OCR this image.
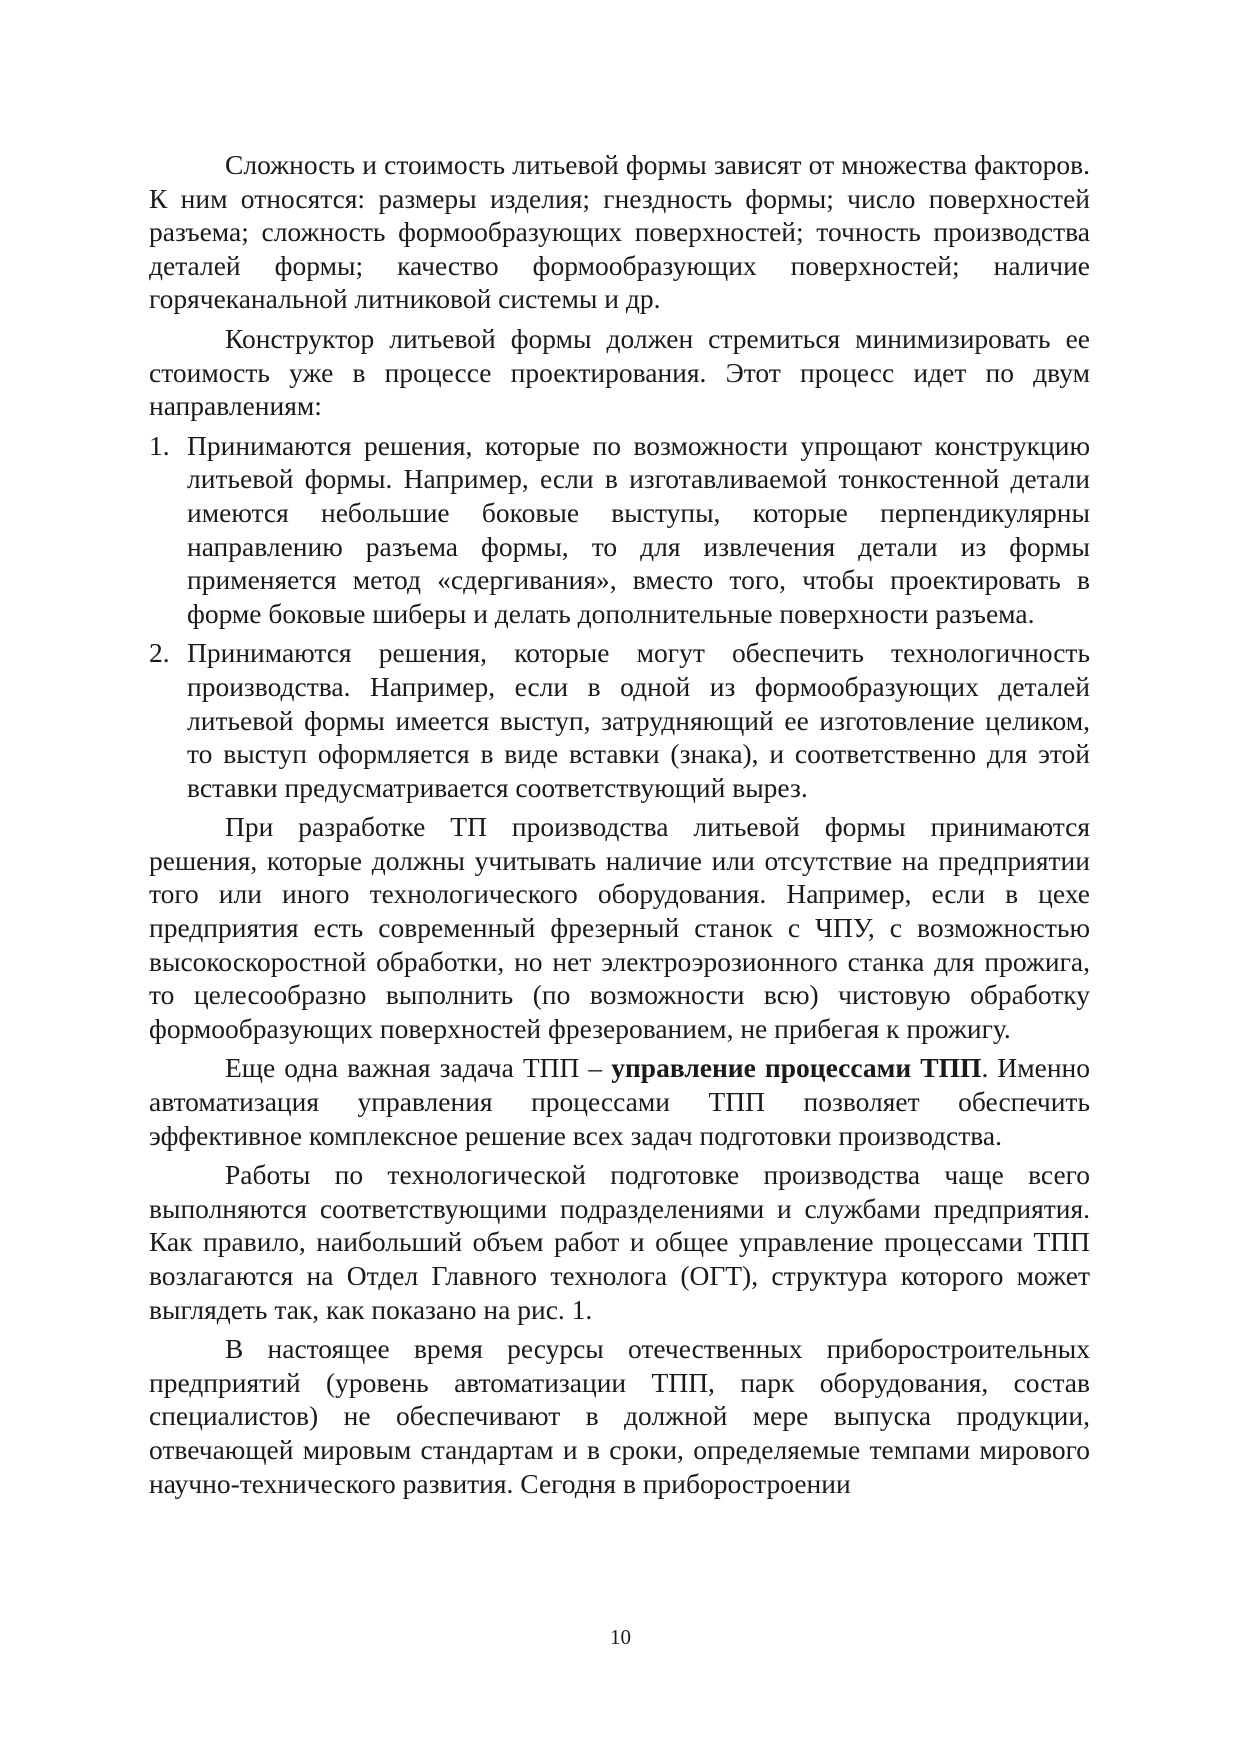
Сложность и стоимость литьевой формы зависят от множества факторов. К ним относятся: размеры изделия; гнездность формы; число поверхностей разъема; сложность формообразующих поверхностей; точность производства деталей формы; качество формообразующих поверхностей; наличие горячеканальной литниковой системы и др.

Конструктор литьевой формы должен стремиться минимизировать ее стоимость уже в процессе проектирования. Этот процесс идет по двум направлениям:

1. Принимаются решения, которые по возможности упрощают конструкцию литьевой формы. Например, если в изготавливаемой тонкостенной детали имеются небольшие боковые выступы, которые перпендикулярны направлению разъема формы, то для извлечения детали из формы применяется метод «сдергивания», вместо того, чтобы проектировать в форме боковые шиберы и делать дополнительные поверхности разъема.
2. Принимаются решения, которые могут обеспечить технологичность производства. Например, если в одной из формообразующих деталей литьевой формы имеется выступ, затрудняющий ее изготовление целиком, то выступ оформляется в виде вставки (знака), и соответственно для этой вставки предусматривается соответствующий вырез.

При разработке ТП производства литьевой формы принимаются решения, которые должны учитывать наличие или отсутствие на предприятии того или иного технологического оборудования. Например, если в цехе предприятия есть современный фрезерный станок с ЧПУ, с возможностью высокоскоростной обработки, но нет электроэрозионного станка для прожига, то целесообразно выполнить (по возможности всю) чистовую обработку формообразующих поверхностей фрезерованием, не прибегая к прожигу.

Еще одна важная задача ТПП – управление процессами ТПП. Именно автоматизация управления процессами ТПП позволяет обеспечить эффективное комплексное решение всех задач подготовки производства.

Работы по технологической подготовке производства чаще всего выполняются соответствующими подразделениями и службами предприятия. Как правило, наибольший объем работ и общее управление процессами ТПП возлагаются на Отдел Главного технолога (ОГТ), структура которого может выглядеть так, как показано на рис. 1.

В настоящее время ресурсы отечественных приборостроительных предприятий (уровень автоматизации ТПП, парк оборудования, состав специалистов) не обеспечивают в должной мере выпуска продукции, отвечающей мировым стандартам и в сроки, определяемые темпами мирового научно-технического развития. Сегодня в приборостроении

10
